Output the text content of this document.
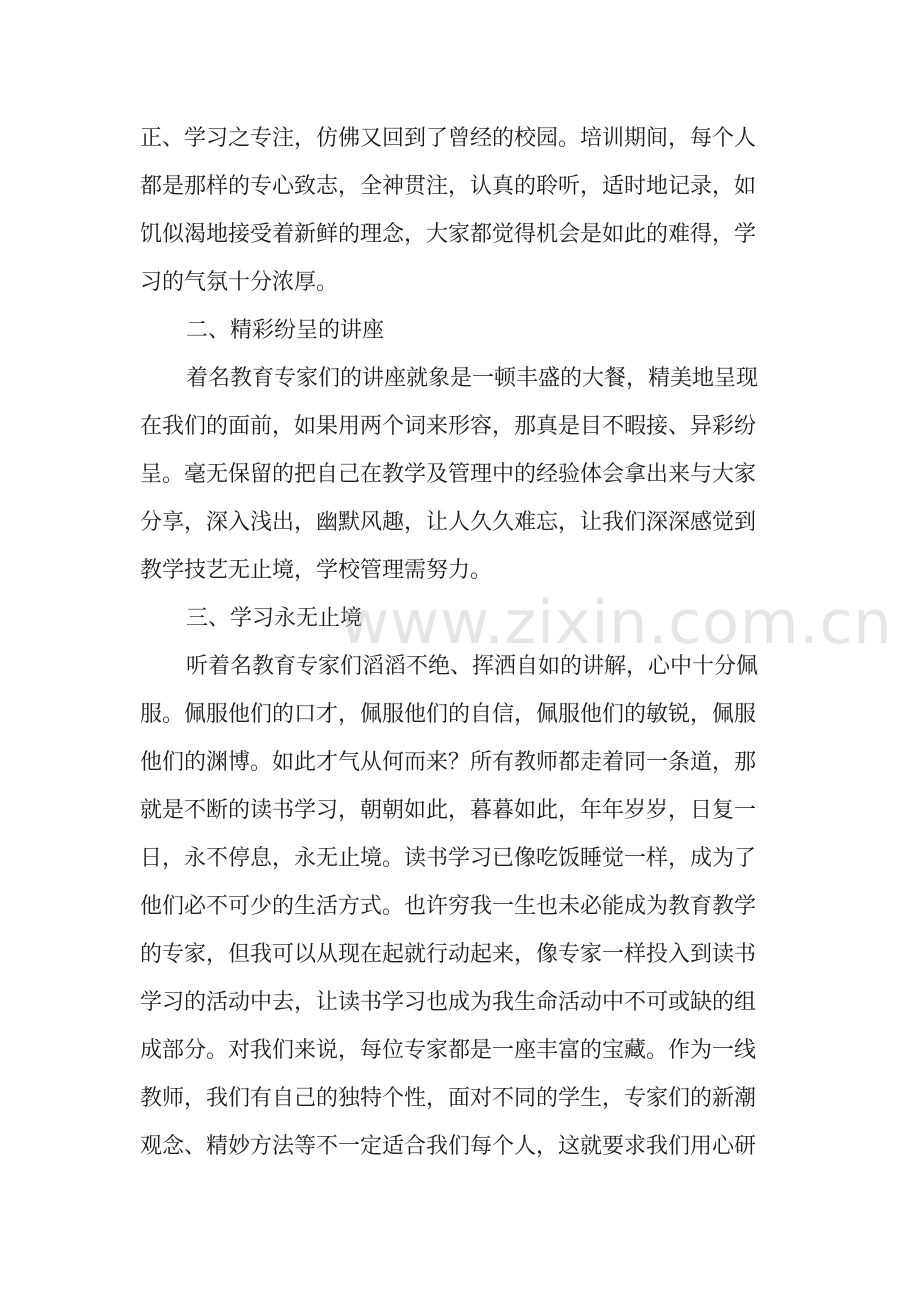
正、学习之专注，仿佛又回到了曾经的校园。培训期间，每个人
都是那样的专心致志，全神贯注，认真的聆听，适时地记录，如
饥似渴地接受着新鲜的理念，大家都觉得机会是如此的难得，学
习的气氛十分浓厚。
二、精彩纷呈的讲座
着名教育专家们的讲座就象是一顿丰盛的大餐，精美地呈现
在我们的面前，如果用两个词来形容，那真是目不暇接、异彩纷
呈。毫无保留的把自己在教学及管理中的经验体会拿出来与大家
分享，深入浅出，幽默风趣，让人久久难忘，让我们深深感觉到
教学技艺无止境，学校管理需努力。
三、学习永无止境
听着名教育专家们滔滔不绝、挥洒自如的讲解，心中十分佩
服。佩服他们的口才，佩服他们的自信，佩服他们的敏锐，佩服
他们的渊博。如此才气从何而来？所有教师都走着同一条道，那
就是不断的读书学习，朝朝如此，暮暮如此，年年岁岁，日复一
日，永不停息，永无止境。读书学习已像吃饭睡觉一样，成为了
他们必不可少的生活方式。也许穷我一生也未必能成为教育教学
的专家，但我可以从现在起就行动起来，像专家一样投入到读书
学习的活动中去，让读书学习也成为我生命活动中不可或缺的组
成部分。对我们来说，每位专家都是一座丰富的宝藏。作为一线
教师，我们有自己的独特个性，面对不同的学生，专家们的新潮
观念、精妙方法等不一定适合我们每个人，这就要求我们用心研
www.zixin.com.cn
